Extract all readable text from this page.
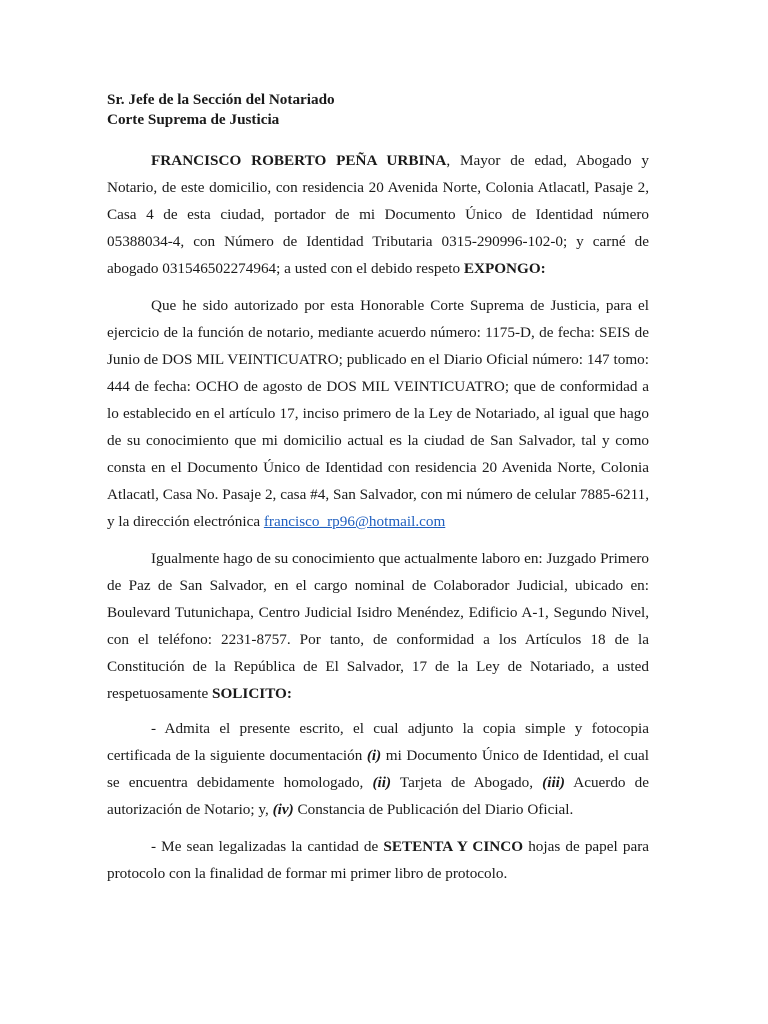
Sr. Jefe de la Sección del Notariado
Corte Suprema de Justicia

FRANCISCO ROBERTO PEÑA URBINA, Mayor de edad, Abogado y Notario, de este domicilio, con residencia 20 Avenida Norte, Colonia Atlacatl, Pasaje 2, Casa 4 de esta ciudad, portador de mi Documento Único de Identidad número 05388034-4, con Número de Identidad Tributaria 0315-290996-102-0; y carné de abogado 031546502274964; a usted con el debido respeto EXPONGO:

Que he sido autorizado por esta Honorable Corte Suprema de Justicia, para el ejercicio de la función de notario, mediante acuerdo número: 1175-D, de fecha: SEIS de Junio de DOS MIL VEINTICUATRO; publicado en el Diario Oficial número: 147 tomo: 444 de fecha: OCHO de agosto de DOS MIL VEINTICUATRO; que de conformidad a lo establecido en el artículo 17, inciso primero de la Ley de Notariado, al igual que hago de su conocimiento que mi domicilio actual es la ciudad de San Salvador, tal y como consta en el Documento Único de Identidad con residencia 20 Avenida Norte, Colonia Atlacatl, Casa No. Pasaje 2, casa #4, San Salvador, con mi número de celular 7885-6211, y la dirección electrónica francisco_rp96@hotmail.com

Igualmente hago de su conocimiento que actualmente laboro en: Juzgado Primero de Paz de San Salvador, en el cargo nominal de Colaborador Judicial, ubicado en: Boulevard Tutunichapa, Centro Judicial Isidro Menéndez, Edificio A-1, Segundo Nivel, con el teléfono: 2231-8757. Por tanto, de conformidad a los Artículos 18 de la Constitución de la República de El Salvador, 17 de la Ley de Notariado, a usted respetuosamente SOLICITO:

- Admita el presente escrito, el cual adjunto la copia simple y fotocopia certificada de la siguiente documentación (i) mi Documento Único de Identidad, el cual se encuentra debidamente homologado, (ii) Tarjeta de Abogado, (iii) Acuerdo de autorización de Notario; y, (iv) Constancia de Publicación del Diario Oficial.

- Me sean legalizadas la cantidad de SETENTA Y CINCO hojas de papel para protocolo con la finalidad de formar mi primer libro de protocolo.
